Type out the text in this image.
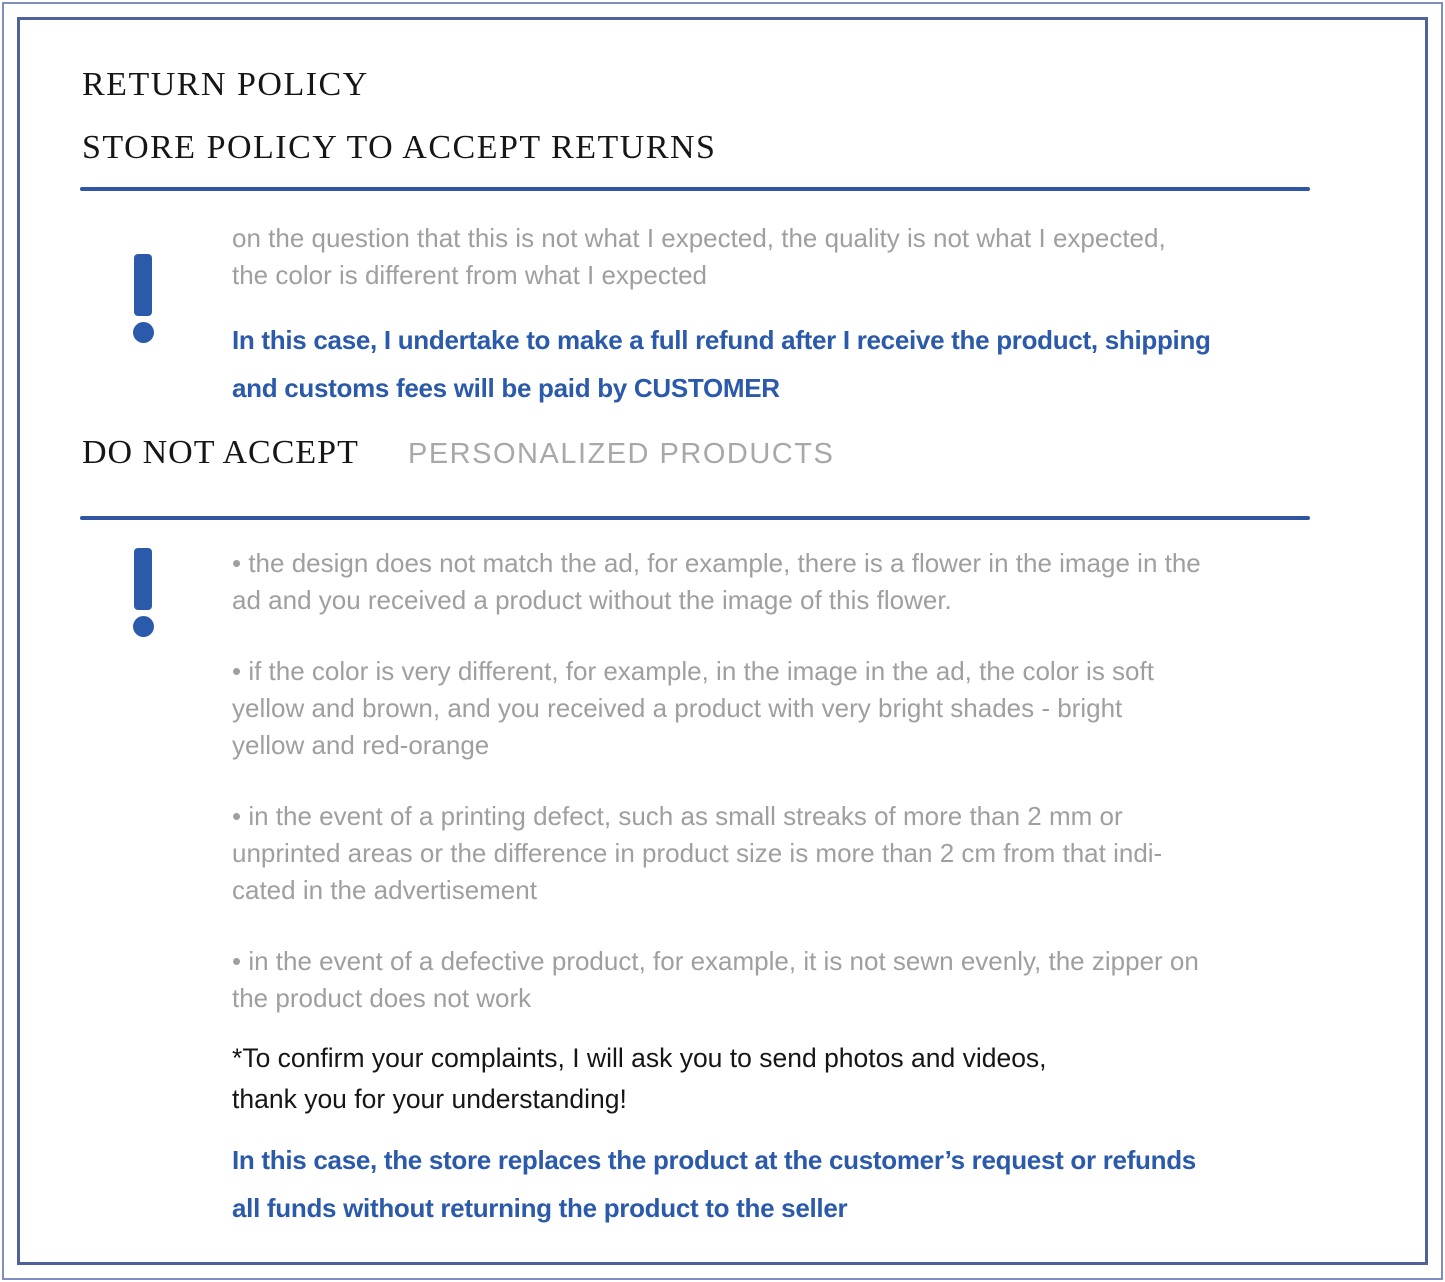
RETURN POLICY
STORE POLICY TO ACCEPT RETURNS
on the question that this is not what I expected, the quality is not what I expected,
the color is different from what I expected
In this case, I undertake to make a full refund after I receive the product, shipping
and customs fees will be paid by CUSTOMER
DO NOT ACCEPT PERSONALIZED PRODUCTS
• the design does not match the ad, for example, there is a flower in the image in the
ad and you received a product without the image of this flower.
• if the color is very different, for example, in the image in the ad, the color is soft
yellow and brown, and you received a product with very bright shades - bright
yellow and red-orange
• in the event of a printing defect, such as small streaks of more than 2 mm or
unprinted areas or the difference in product size is more than 2 cm from that indi-
cated in the advertisement
• in the event of a defective product, for example, it is not sewn evenly, the zipper on
the product does not work
*To confirm your complaints, I will ask you to send photos and videos,
thank you for your understanding!
In this case, the store replaces the product at the customer’s request or refunds
all funds without returning the product to the seller
